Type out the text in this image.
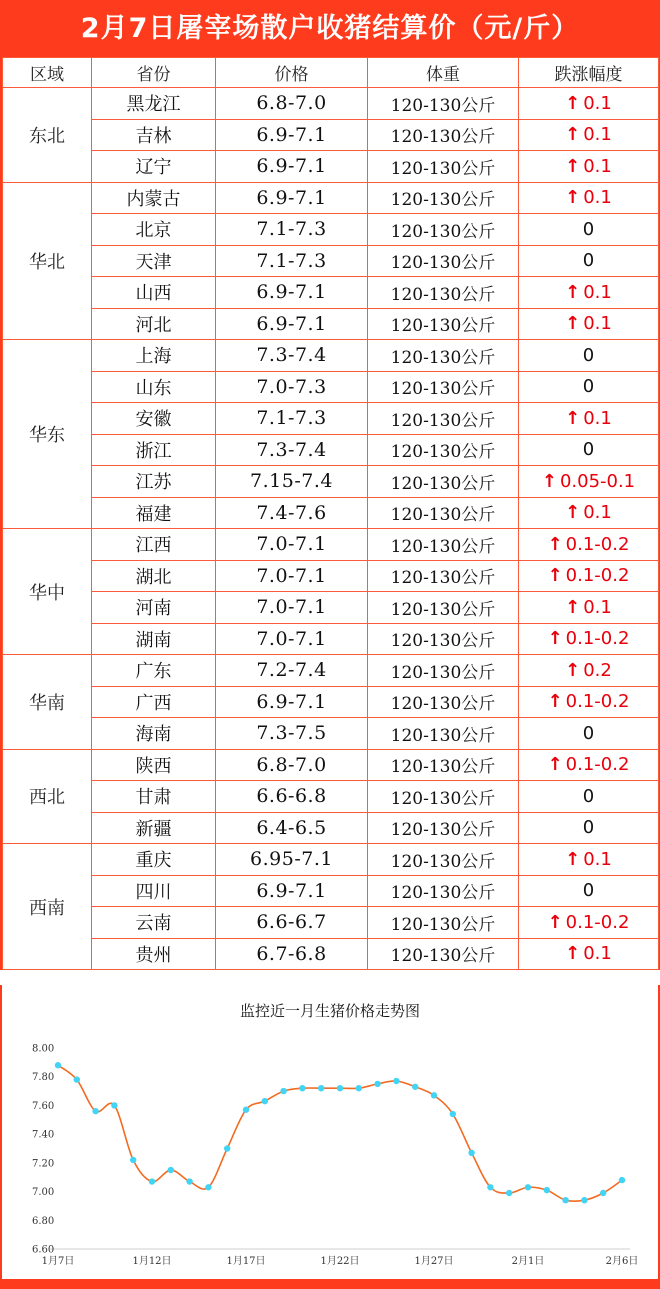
2月7日屠宰场散户收猪结算价（元/斤）
区域	省份	价格	体重	跌涨幅度
东北	黑龙江	6.8-7.0	120-130公斤	↑ 0.1
	吉林	6.9-7.1	120-130公斤	↑ 0.1
	辽宁	6.9-7.1	120-130公斤	↑ 0.1
华北	内蒙古	6.9-7.1	120-130公斤	↑ 0.1
	北京	7.1-7.3	120-130公斤	0
	天津	7.1-7.3	120-130公斤	0
	山西	6.9-7.1	120-130公斤	↑ 0.1
	河北	6.9-7.1	120-130公斤	↑ 0.1
华东	上海	7.3-7.4	120-130公斤	0
	山东	7.0-7.3	120-130公斤	0
	安徽	7.1-7.3	120-130公斤	↑ 0.1
	浙江	7.3-7.4	120-130公斤	0
	江苏	7.15-7.4	120-130公斤	↑ 0.05-0.1
	福建	7.4-7.6	120-130公斤	↑ 0.1
华中	江西	7.0-7.1	120-130公斤	↑ 0.1-0.2
	湖北	7.0-7.1	120-130公斤	↑ 0.1-0.2
	河南	7.0-7.1	120-130公斤	↑ 0.1
	湖南	7.0-7.1	120-130公斤	↑ 0.1-0.2
华南	广东	7.2-7.4	120-130公斤	↑ 0.2
	广西	6.9-7.1	120-130公斤	↑ 0.1-0.2
	海南	7.3-7.5	120-130公斤	0
西北	陕西	6.8-7.0	120-130公斤	↑ 0.1-0.2
	甘肃	6.6-6.8	120-130公斤	0
	新疆	6.4-6.5	120-130公斤	0
西南	重庆	6.95-7.1	120-130公斤	↑ 0.1
	四川	6.9-7.1	120-130公斤	0
	云南	6.6-6.7	120-130公斤	↑ 0.1-0.2
	贵州	6.7-6.8	120-130公斤	↑ 0.1
监控近一月生猪价格走势图
8.00
7.80
7.60
7.40
7.20
7.00
6.80
6.60
1月7日	1月12日	1月17日	1月22日	1月27日	2月1日	2月6日
